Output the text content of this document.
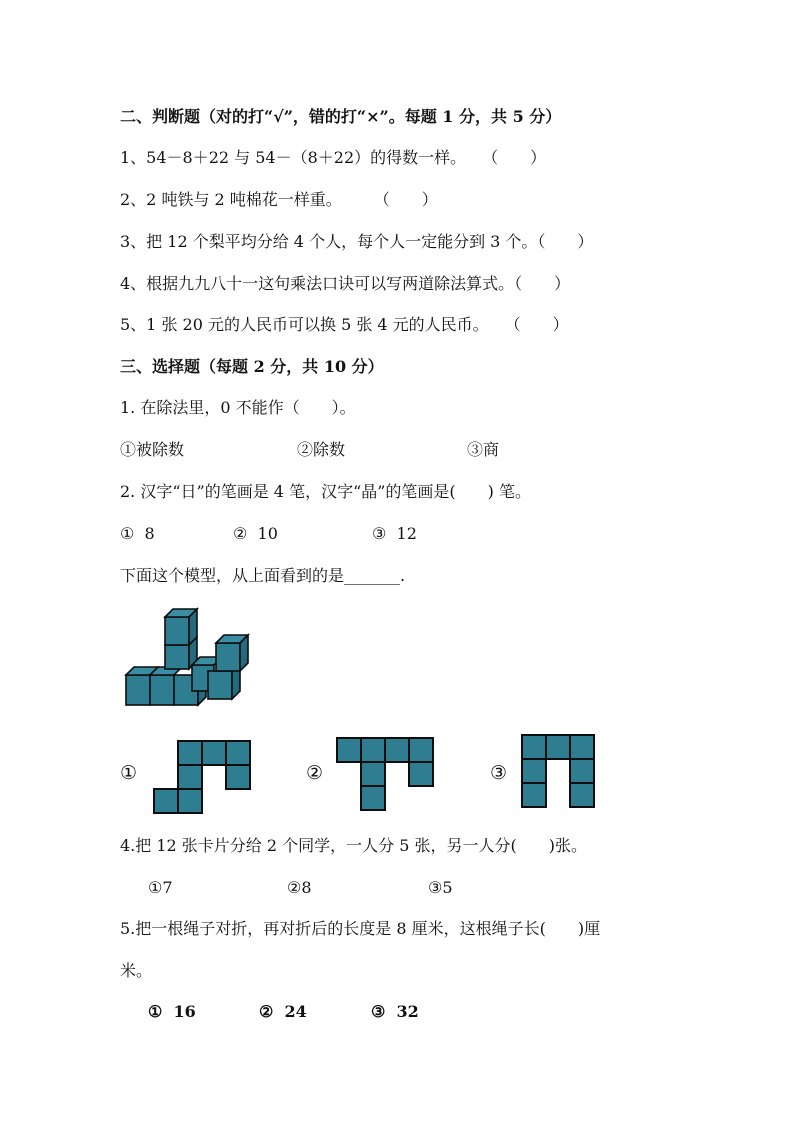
二、判断题（对的打“√”，错的打“×”。每题 1 分，共 5 分）
1、54－8＋22 与 54－（8＋22）的得数一样。　　（　　）
2、2 吨铁与 2 吨棉花一样重。　　　（　　）
3、把 12 个梨平均分给 4 个人，每个人一定能分到 3 个。（　　）
4、根据九九八十一这句乘法口诀可以写两道除法算式。（　　）
5、1 张 20 元的人民币可以换 5 张 4 元的人民币。　　（　　）
三、选择题（每题 2 分，共 10 分）
1. 在除法里，0 不能作（　　）。
①被除数	②除数	③商
2. 汉字“日”的笔画是 4 笔，汉字“晶”的笔画是(　　) 笔。
①  8	②  10	③  12
下面这个模型，从上面看到的是_______.
①	②	③
4.把 12 张卡片分给 2 个同学，一人分 5 张，另一人分(　　)张。
①7	②8	③5
5.把一根绳子对折，再对折后的长度是 8 厘米，这根绳子长(　　)厘
米。
①  16	②  24	③  32
